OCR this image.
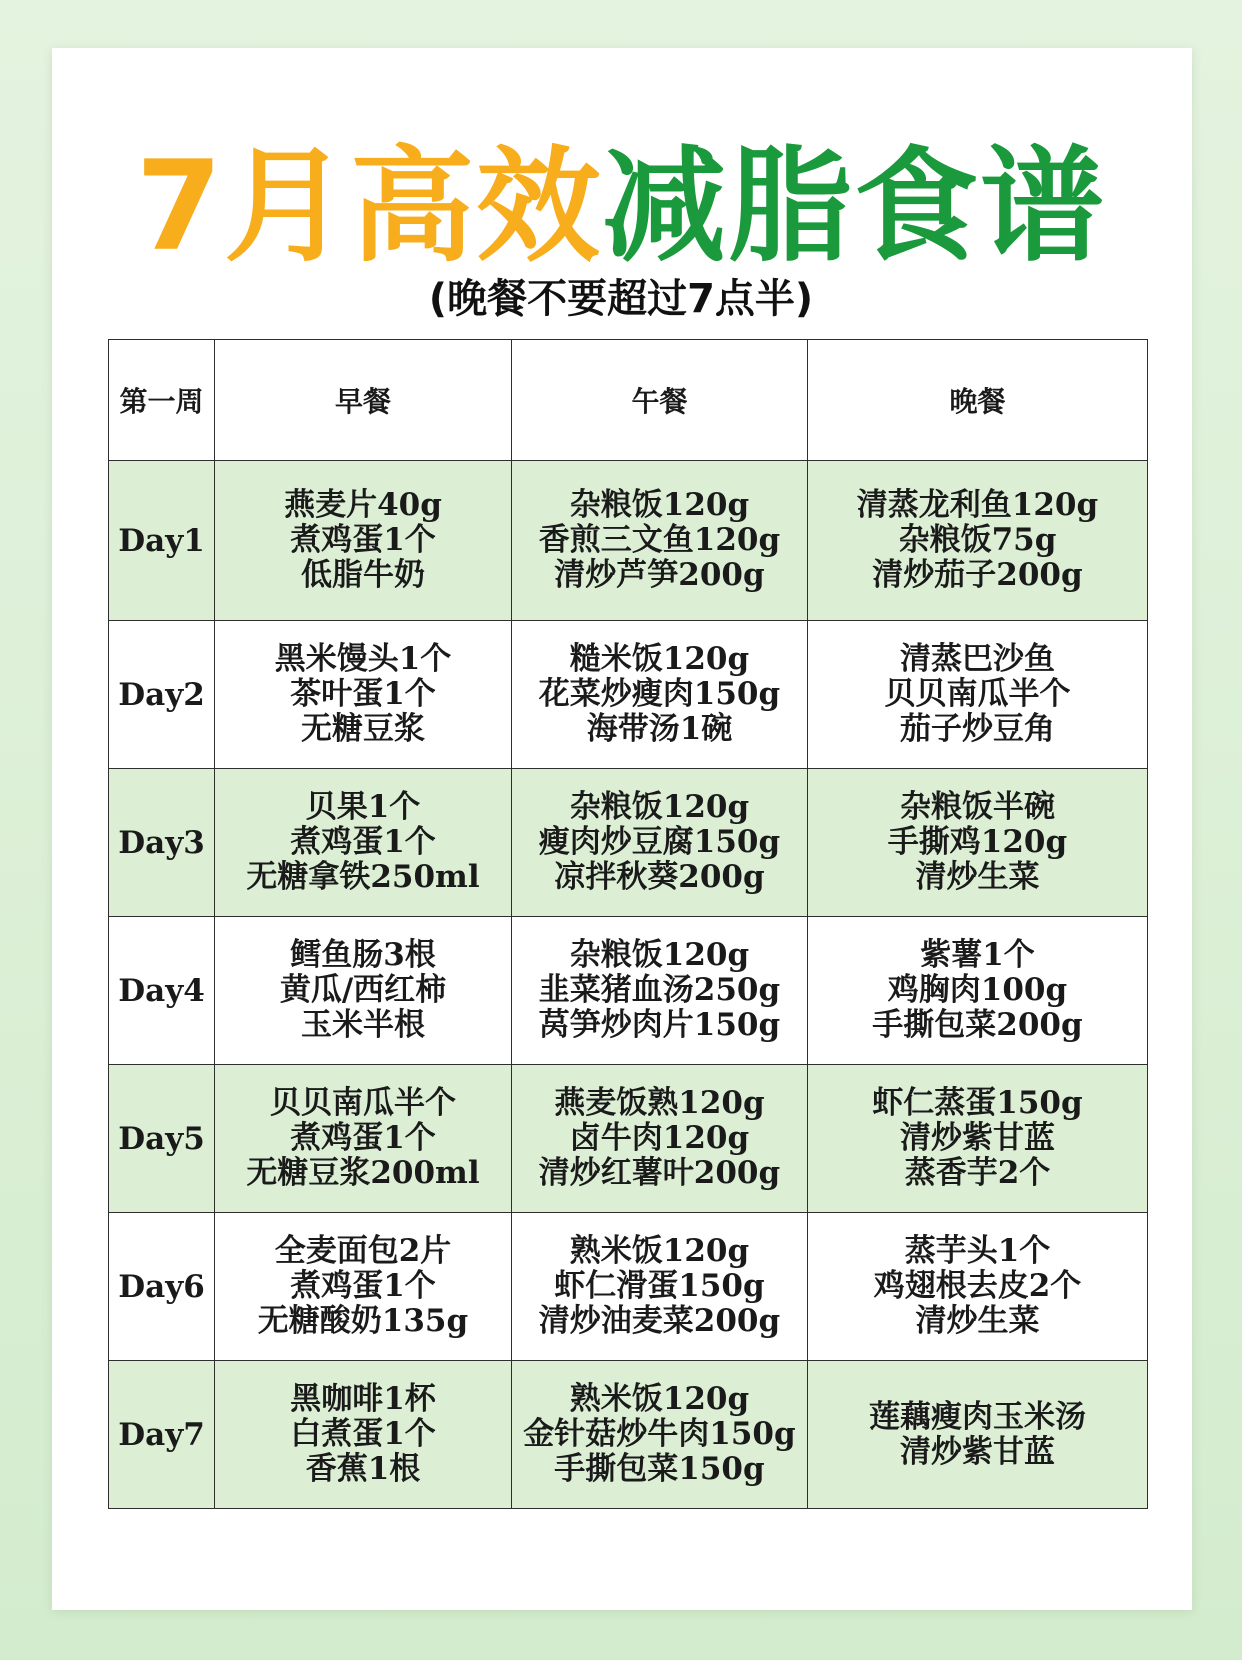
7月高效减脂食谱
(晚餐不要超过7点半)
第一周	早餐	午餐	晚餐
Day1	燕麦片40g
煮鸡蛋1个
低脂牛奶	杂粮饭120g
香煎三文鱼120g
清炒芦笋200g	清蒸龙利鱼120g
杂粮饭75g
清炒茄子200g

Day2	黑米馒头1个
茶叶蛋1个
无糖豆浆	糙米饭120g
花菜炒瘦肉150g
海带汤1碗	清蒸巴沙鱼
贝贝南瓜半个
茄子炒豆角

Day3	贝果1个
煮鸡蛋1个
无糖拿铁250ml	杂粮饭120g
瘦肉炒豆腐150g
凉拌秋葵200g	杂粮饭半碗
手撕鸡120g
清炒生菜

Day4	鳕鱼肠3根
黄瓜/西红柿
玉米半根	杂粮饭120g
韭菜猪血汤250g
莴笋炒肉片150g	紫薯1个
鸡胸肉100g
手撕包菜200g

Day5	贝贝南瓜半个
煮鸡蛋1个
无糖豆浆200ml	燕麦饭熟120g
卤牛肉120g
清炒红薯叶200g	虾仁蒸蛋150g
清炒紫甘蓝
蒸香芋2个

Day6	全麦面包2片
煮鸡蛋1个
无糖酸奶135g	熟米饭120g
虾仁滑蛋150g
清炒油麦菜200g	蒸芋头1个
鸡翅根去皮2个
清炒生菜

Day7	黑咖啡1杯
白煮蛋1个
香蕉1根	熟米饭120g
金针菇炒牛肉150g
手撕包菜150g	莲藕瘦肉玉米汤
清炒紫甘蓝
